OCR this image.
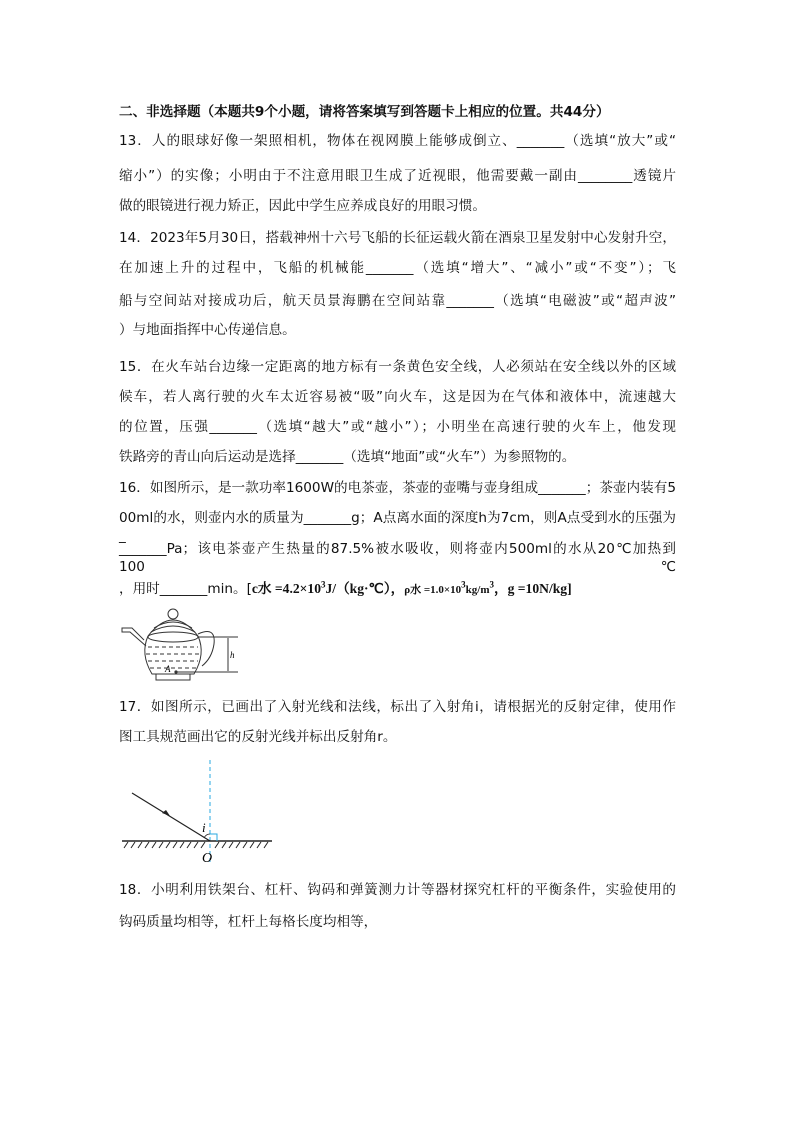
二、非选择题（本题共9个小题，请将答案填写到答题卡上相应的位置。共44分）
13．人的眼球好像一架照相机，物体在视网膜上能够成倒立、_______（选填“放大”或“
缩小”）的实像；小明由于不注意用眼卫生成了近视眼，他需要戴一副由________透镜片
做的眼镜进行视力矫正，因此中学生应养成良好的用眼习惯。
14．2023年5月30日，搭载神州十六号飞船的长征运载火箭在酒泉卫星发射中心发射升空，
在加速上升的过程中，飞船的机械能_______（选填“增大”、“减小”或“不变”）；飞
船与空间站对接成功后，航天员景海鹏在空间站靠_______（选填“电磁波”或“超声波”
）与地面指挥中心传递信息。
15．在火车站台边缘一定距离的地方标有一条黄色安全线，人必须站在安全线以外的区域
候车，若人离行驶的火车太近容易被“吸”向火车，这是因为在气体和液体中，流速越大
的位置，压强_______（选填“越大”或“越小”）；小明坐在高速行驶的火车上，他发现
铁路旁的青山向后运动是选择_______（选填“地面”或“火车”）为参照物的。
16．如图所示，是一款功率1600W的电茶壶，茶壶的壶嘴与壶身组成_______；茶壶内装有5
00ml的水，则壶内水的质量为_______g；A点离水面的深度h为7cm，则A点受到水的压强为_
_______Pa；该电茶壶产生热量的87.5%被水吸收，则将壶内500ml的水从20℃加热到100℃
，用时_______min。[c水 $=4.2\times 10^3J/(kg\cdot℃)$，ρ水 $=1.0\times 10^3kg/m^3$，g =10N/kg]
h
A
17．如图所示，已画出了入射光线和法线，标出了入射角i，请根据光的反射定律，使用作
图工具规范画出它的反射光线并标出反射角r。
i
O
18．小明利用铁架台、杠杆、钩码和弹簧测力计等器材探究杠杆的平衡条件，实验使用的
钩码质量均相等，杠杆上每格长度均相等，
